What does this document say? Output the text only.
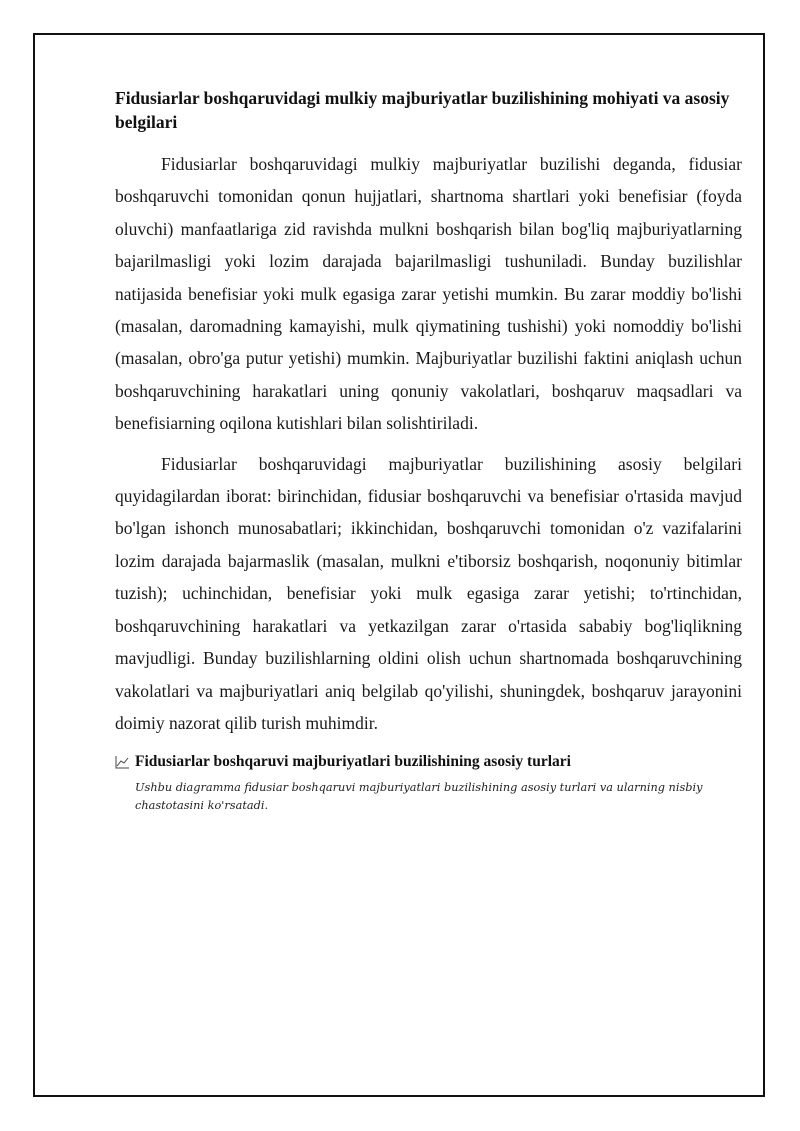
Fidusiarlar boshqaruvidagi mulkiy majburiyatlar buzilishining mohiyati va asosiy belgilari

Fidusiarlar boshqaruvidagi mulkiy majburiyatlar buzilishi deganda, fidusiar boshqaruvchi tomonidan qonun hujjatlari, shartnoma shartlari yoki benefisiar (foyda oluvchi) manfaatlariga zid ravishda mulkni boshqarish bilan bog'liq majburiyatlarning bajarilmasligi yoki lozim darajada bajarilmasligi tushuniladi. Bunday buzilishlar natijasida benefisiar yoki mulk egasiga zarar yetishi mumkin. Bu zarar moddiy bo'lishi (masalan, daromadning kamayishi, mulk qiymatining tushishi) yoki nomoddiy bo'lishi (masalan, obro'ga putur yetishi) mumkin. Majburiyatlar buzilishi faktini aniqlash uchun boshqaruvchining harakatlari uning qonuniy vakolatlari, boshqaruv maqsadlari va benefisiarning oqilona kutishlari bilan solishtiriladi.

Fidusiarlar boshqaruvidagi majburiyatlar buzilishining asosiy belgilari quyidagilardan iborat: birinchidan, fidusiar boshqaruvchi va benefisiar o'rtasida mavjud bo'lgan ishonch munosabatlari; ikkinchidan, boshqaruvchi tomonidan o'z vazifalarini lozim darajada bajarmaslik (masalan, mulkni e'tiborsiz boshqarish, noqonuniy bitimlar tuzish); uchinchidan, benefisiar yoki mulk egasiga zarar yetishi; to'rtinchidan, boshqaruvchining harakatlari va yetkazilgan zarar o'rtasida sababiy bog'liqlikning mavjudligi. Bunday buzilishlarning oldini olish uchun shartnomada boshqaruvchining vakolatlari va majburiyatlari aniq belgilab qo'yilishi, shuningdek, boshqaruv jarayonini doimiy nazorat qilib turish muhimdir.

Fidusiarlar boshqaruvi majburiyatlari buzilishining asosiy turlari

Ushbu diagramma fidusiar boshqaruvi majburiyatlari buzilishining asosiy turlari va ularning nisbiy chastotasini ko'rsatadi.
